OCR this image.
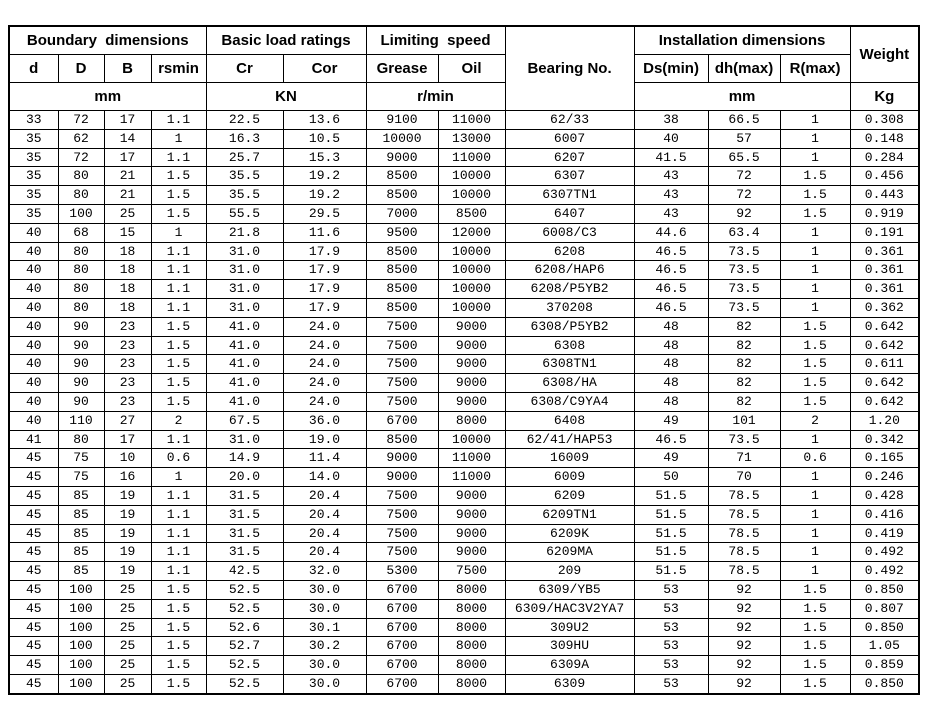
Boundary  dimensions				Basic load ratings		Limiting  speed		Bearing No.	Installation dimensions			Weight
d	D	B	rsmin	Cr	Cor	Grease	Oil		Ds(min)	dh(max)	R(max)	
mm				KN		r/min			mm			Kg
33	72	17	1.1	22.5	13.6	9100	11000	62/33	38	66.5	1	0.308
35	62	14	1	16.3	10.5	10000	13000	6007	40	57	1	0.148
35	72	17	1.1	25.7	15.3	9000	11000	6207	41.5	65.5	1	0.284
35	80	21	1.5	35.5	19.2	8500	10000	6307	43	72	1.5	0.456
35	80	21	1.5	35.5	19.2	8500	10000	6307TN1	43	72	1.5	0.443
35	100	25	1.5	55.5	29.5	7000	8500	6407	43	92	1.5	0.919
40	68	15	1	21.8	11.6	9500	12000	6008/C3	44.6	63.4	1	0.191
40	80	18	1.1	31.0	17.9	8500	10000	6208	46.5	73.5	1	0.361
40	80	18	1.1	31.0	17.9	8500	10000	6208/HAP6	46.5	73.5	1	0.361
40	80	18	1.1	31.0	17.9	8500	10000	6208/P5YB2	46.5	73.5	1	0.361
40	80	18	1.1	31.0	17.9	8500	10000	370208	46.5	73.5	1	0.362
40	90	23	1.5	41.0	24.0	7500	9000	6308/P5YB2	48	82	1.5	0.642
40	90	23	1.5	41.0	24.0	7500	9000	6308	48	82	1.5	0.642
40	90	23	1.5	41.0	24.0	7500	9000	6308TN1	48	82	1.5	0.611
40	90	23	1.5	41.0	24.0	7500	9000	6308/HA	48	82	1.5	0.642
40	90	23	1.5	41.0	24.0	7500	9000	6308/C9YA4	48	82	1.5	0.642
40	110	27	2	67.5	36.0	6700	8000	6408	49	101	2	1.20
41	80	17	1.1	31.0	19.0	8500	10000	62/41/HAP53	46.5	73.5	1	0.342
45	75	10	0.6	14.9	11.4	9000	11000	16009	49	71	0.6	0.165
45	75	16	1	20.0	14.0	9000	11000	6009	50	70	1	0.246
45	85	19	1.1	31.5	20.4	7500	9000	6209	51.5	78.5	1	0.428
45	85	19	1.1	31.5	20.4	7500	9000	6209TN1	51.5	78.5	1	0.416
45	85	19	1.1	31.5	20.4	7500	9000	6209K	51.5	78.5	1	0.419
45	85	19	1.1	31.5	20.4	7500	9000	6209MA	51.5	78.5	1	0.492
45	85	19	1.1	42.5	32.0	5300	7500	209	51.5	78.5	1	0.492
45	100	25	1.5	52.5	30.0	6700	8000	6309/YB5	53	92	1.5	0.850
45	100	25	1.5	52.5	30.0	6700	8000	6309/HAC3V2YA7	53	92	1.5	0.807
45	100	25	1.5	52.6	30.1	6700	8000	309U2	53	92	1.5	0.850
45	100	25	1.5	52.7	30.2	6700	8000	309HU	53	92	1.5	1.05
45	100	25	1.5	52.5	30.0	6700	8000	6309A	53	92	1.5	0.859
45	100	25	1.5	52.5	30.0	6700	8000	6309	53	92	1.5	0.850
